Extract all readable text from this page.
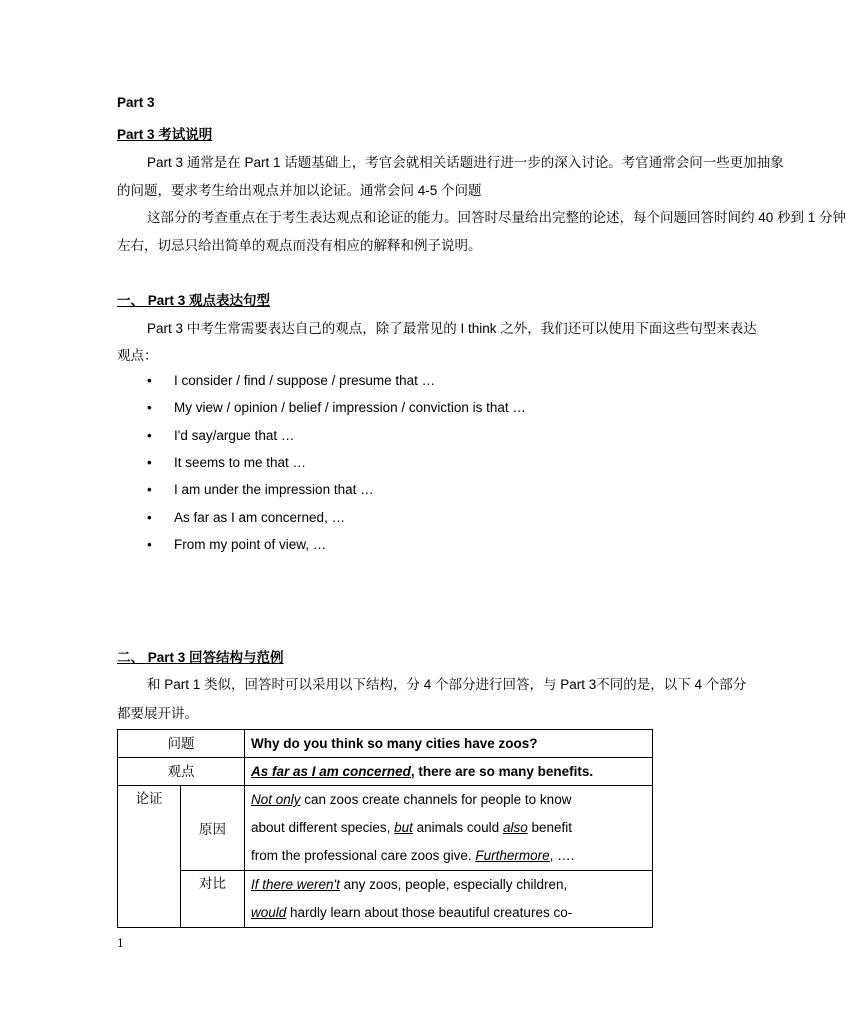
Part 3
Part 3 考试说明
Part 3 通常是在 Part 1 话题基础上，考官会就相关话题进行进一步的深入讨论。考官通常会问一些更加抽象
的问题，要求考生给出观点并加以论证。通常会问 4-5 个问题
这部分的考查重点在于考生表达观点和论证的能力。回答时尽量给出完整的论述，每个问题回答时间约 40 秒到 1 分钟
左右，切忌只给出简单的观点而没有相应的解释和例子说明。
一、 Part 3 观点表达句型
Part 3 中考生常需要表达自己的观点，除了最常见的 I think 之外，我们还可以使用下面这些句型来表达
观点：
• I consider / find / suppose / presume that …
• My view / opinion / belief / impression / conviction is that …
• I'd say/argue that …
• It seems to me that …
• I am under the impression that …
• As far as I am concerned, …
• From my point of view, …
二、 Part 3 回答结构与范例
和 Part 1 类似，回答时可以采用以下结构，分 4 个部分进行回答，与 Part 3不同的是，以下 4 个部分
都要展开讲。
问题		Why do you think so many cities have zoos?
观点		As far as I am concerned, there are so many benefits.
论证	原因	Not only can zoos create channels for people to know
about different species, but animals could also benefit
from the professional care zoos give. Furthermore, ….
	对比	If there weren't any zoos, people, especially children,
would hardly learn about those beautiful creatures co-
1
